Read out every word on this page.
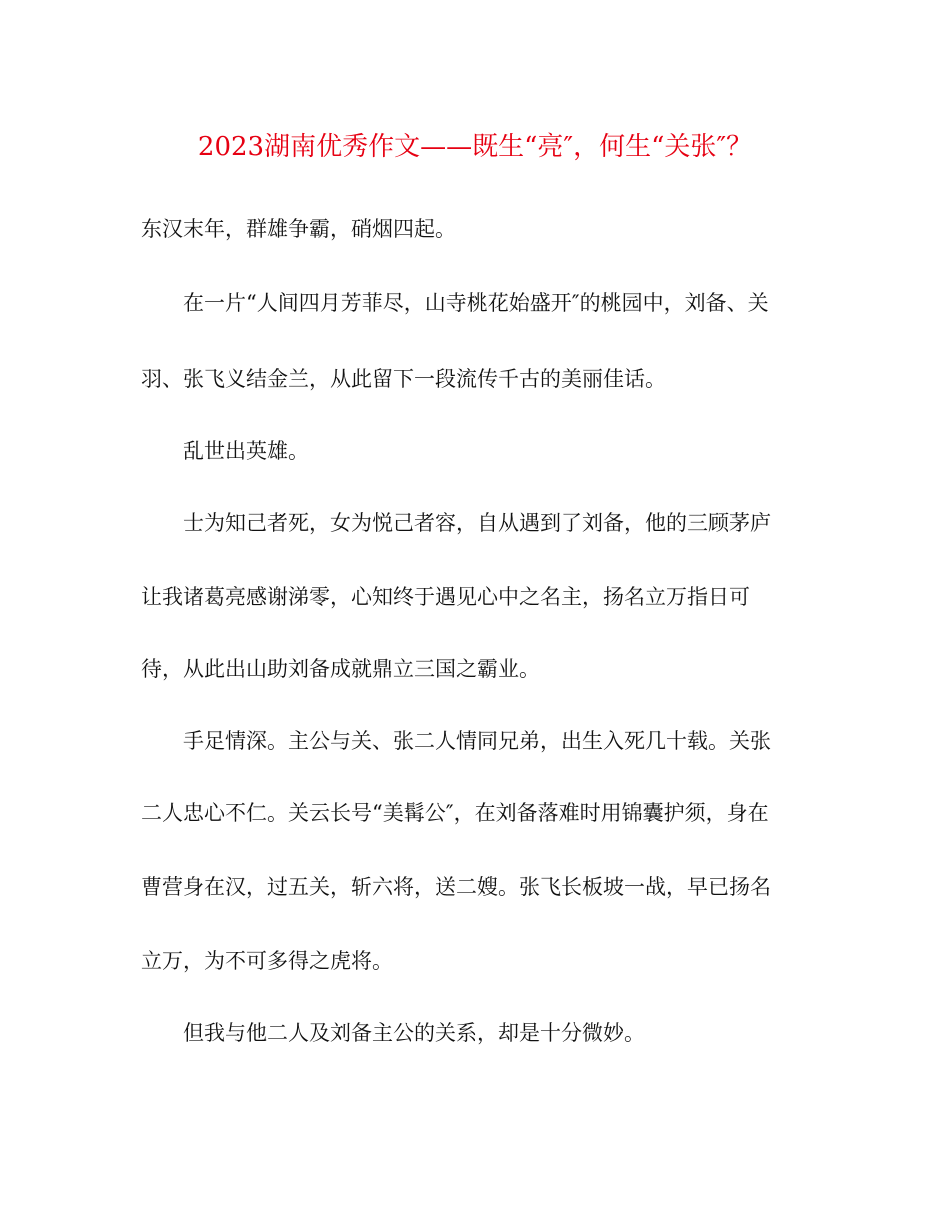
2023湖南优秀作文——既生“亮″，何生“关张″？
东汉末年，群雄争霸，硝烟四起。
在一片“人间四月芳菲尽，山寺桃花始盛开″的桃园中，刘备、关
羽、张飞义结金兰，从此留下一段流传千古的美丽佳话。
乱世出英雄。
士为知己者死，女为悦己者容，自从遇到了刘备，他的三顾茅庐
让我诸葛亮感谢涕零，心知终于遇见心中之名主，扬名立万指日可
待，从此出山助刘备成就鼎立三国之霸业。
手足情深。主公与关、张二人情同兄弟，出生入死几十载。关张
二人忠心不仁。关云长号“美髯公″，在刘备落难时用锦囊护须，身在
曹营身在汉，过五关，斩六将，送二嫂。张飞长板坡一战，早已扬名
立万，为不可多得之虎将。
但我与他二人及刘备主公的关系，却是十分微妙。
